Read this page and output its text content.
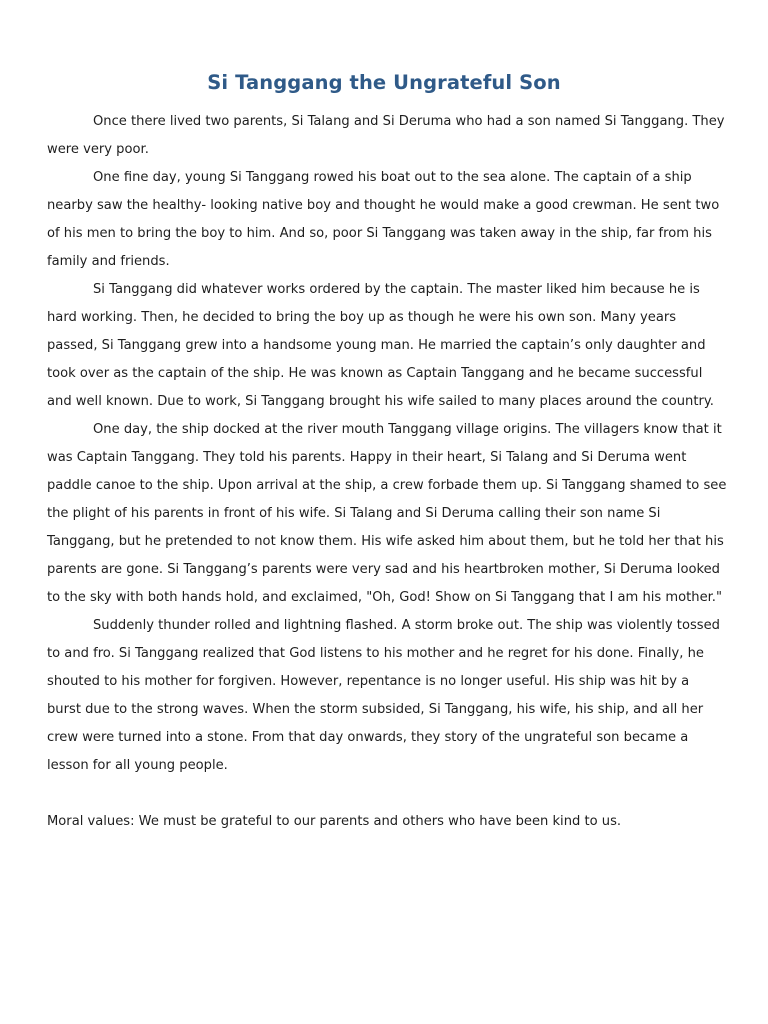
Si Tanggang the Ungrateful Son

Once there lived two parents, Si Talang and Si Deruma who had a son named Si Tanggang. They were very poor.

One fine day, young Si Tanggang rowed his boat out to the sea alone. The captain of a ship nearby saw the healthy- looking native boy and thought he would make a good crewman. He sent two of his men to bring the boy to him. And so, poor Si Tanggang was taken away in the ship, far from his family and friends.

Si Tanggang did whatever works ordered by the captain. The master liked him because he is hard working. Then, he decided to bring the boy up as though he were his own son. Many years passed, Si Tanggang grew into a handsome young man. He married the captain’s only daughter and took over as the captain of the ship. He was known as Captain Tanggang and he became successful and well known. Due to work, Si Tanggang brought his wife sailed to many places around the country.

One day, the ship docked at the river mouth Tanggang village origins. The villagers know that it was Captain Tanggang. They told his parents. Happy in their heart, Si Talang and Si Deruma went paddle canoe to the ship. Upon arrival at the ship, a crew forbade them up. Si Tanggang shamed to see the plight of his parents in front of his wife. Si Talang and Si Deruma calling their son name Si Tanggang, but he pretended to not know them. His wife asked him about them, but he told her that his parents are gone. Si Tanggang’s parents were very sad and his heartbroken mother, Si Deruma looked to the sky with both hands hold, and exclaimed, "Oh, God! Show on Si Tanggang that I am his mother."

Suddenly thunder rolled and lightning flashed. A storm broke out. The ship was violently tossed to and fro. Si Tanggang realized that God listens to his mother and he regret for his done. Finally, he shouted to his mother for forgiven. However, repentance is no longer useful. His ship was hit by a burst due to the strong waves. When the storm subsided, Si Tanggang, his wife, his ship, and all her crew were turned into a stone. From that day onwards, they story of the ungrateful son became a lesson for all young people.

Moral values: We must be grateful to our parents and others who have been kind to us.
